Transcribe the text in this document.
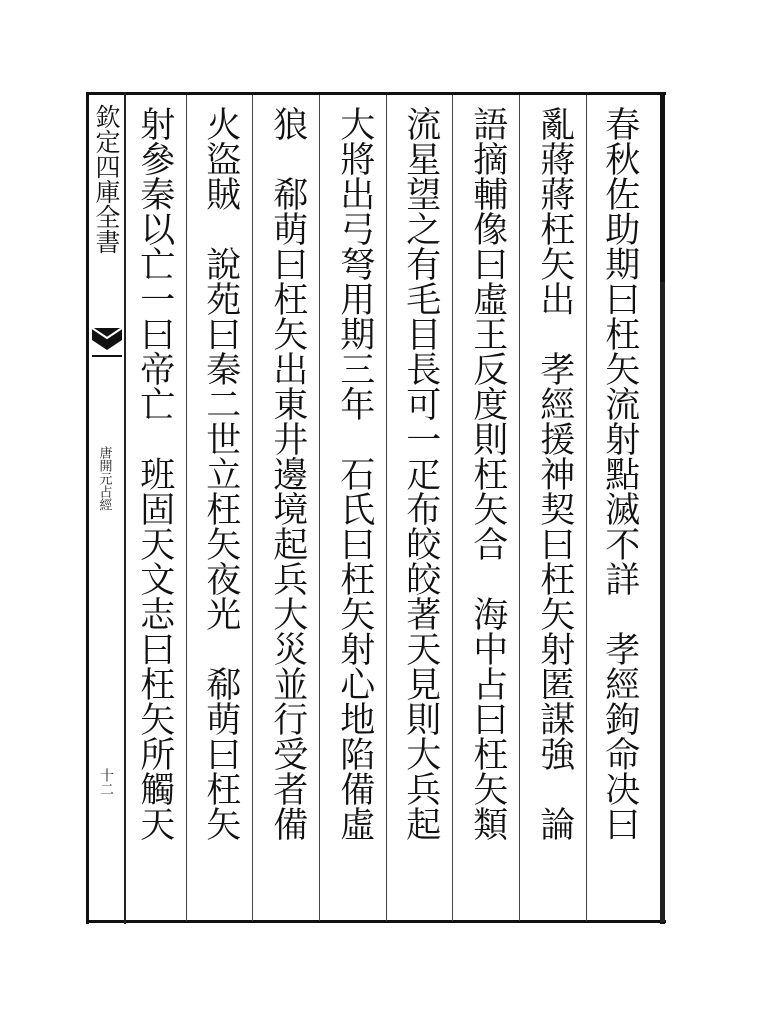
欽定四庫全書
唐開元占經
十二	春秋佐助期曰枉矢流射點滅不詳　孝經鉤命决曰
亂蔣蔣枉矢出　孝經援神契曰枉矢射匿謀強　論
語摘輔像曰虛王反度則枉矢合　海中占曰枉矢類
流星望之有毛目長可一疋布皎皎著天見則大兵起
大將出弓弩用期三年　石氏曰枉矢射心地陷備虛
狼　郗萌曰枉矢出東井邊境起兵大災並行受者備
火盜賊　說苑曰秦二世立枉矢夜光　郗萌曰枉矢
射參秦以亡一曰帝亡　班固天文志曰枉矢所觸天
